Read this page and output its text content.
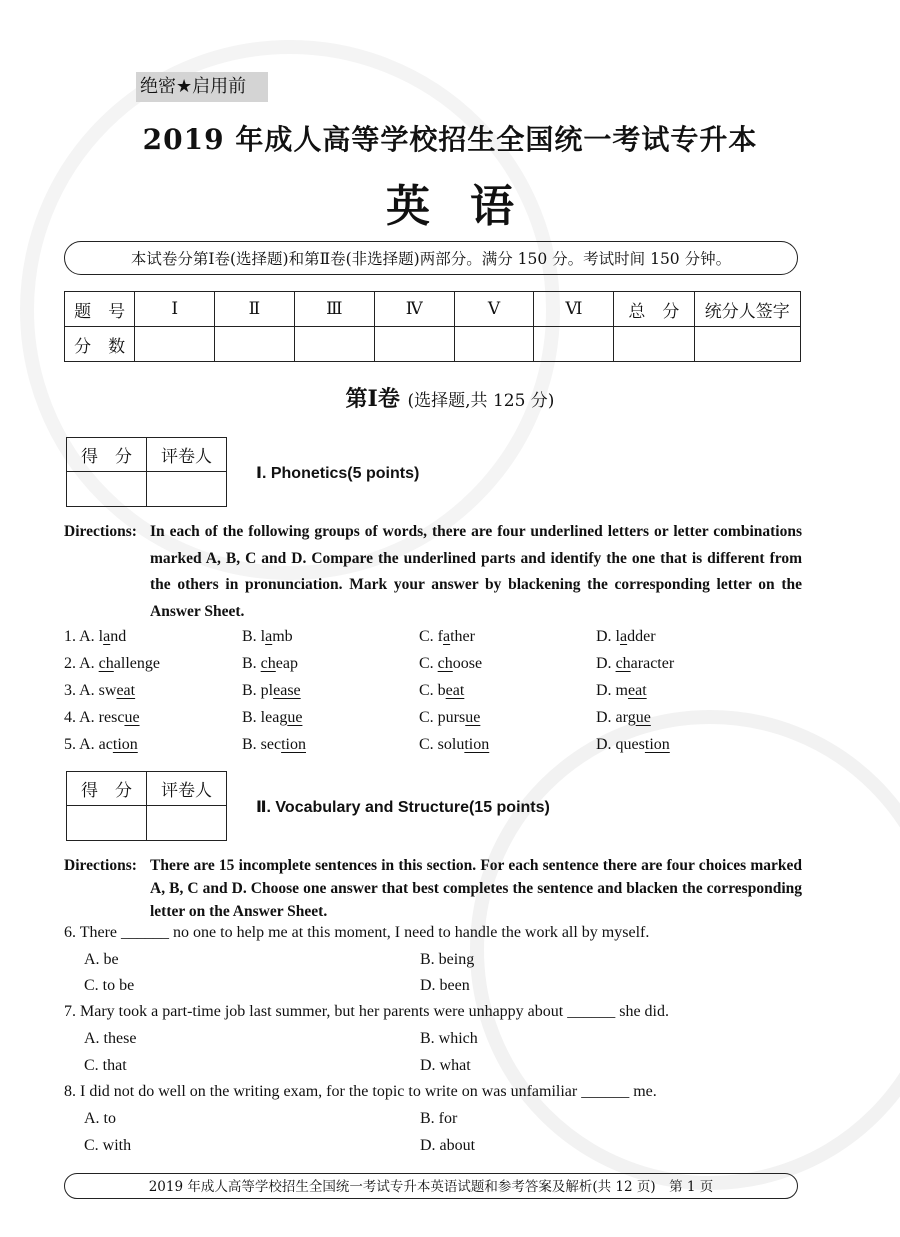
绝密★启用前
2019 年成人高等学校招生全国统一考试专升本
英语
本试卷分第Ⅰ卷(选择题)和第Ⅱ卷(非选择题)两部分。满分 150 分。考试时间 150 分钟。
题　号	Ⅰ	Ⅱ	Ⅲ	Ⅳ	Ⅴ	Ⅵ	总　分	统分人签字
分　数								
第Ⅰ卷 (选择题,共 125 分)
得　分	评卷人

Ⅰ. Phonetics(5 points)
Directions: In each of the following groups of words, there are four underlined letters or letter combinations marked A, B, C and D. Compare the underlined parts and identify the one that is different from the others in pronunciation. Mark your answer by blackening the corresponding letter on the Answer Sheet.
1. A. land	B. lamb	C. father	D. ladder
2. A. challenge	B. cheap	C. choose	D. character
3. A. sweat	B. please	C. beat	D. meat
4. A. rescue	B. league	C. pursue	D. argue
5. A. action	B. section	C. solution	D. question
得　分	评卷人

Ⅱ. Vocabulary and Structure(15 points)
Directions: There are 15 incomplete sentences in this section. For each sentence there are four choices marked A, B, C and D. Choose one answer that best completes the sentence and blacken the corresponding letter on the Answer Sheet.
6. There ______ no one to help me at this moment, I need to handle the work all by myself.
A. be	B. being
C. to be	D. been
7. Mary took a part-time job last summer, but her parents were unhappy about ______ she did.
A. these	B. which
C. that	D. what
8. I did not do well on the writing exam, for the topic to write on was unfamiliar ______ me.
A. to	B. for
C. with	D. about
2019 年成人高等学校招生全国统一考试专升本英语试题和参考答案及解析(共 12 页)　第 1 页
